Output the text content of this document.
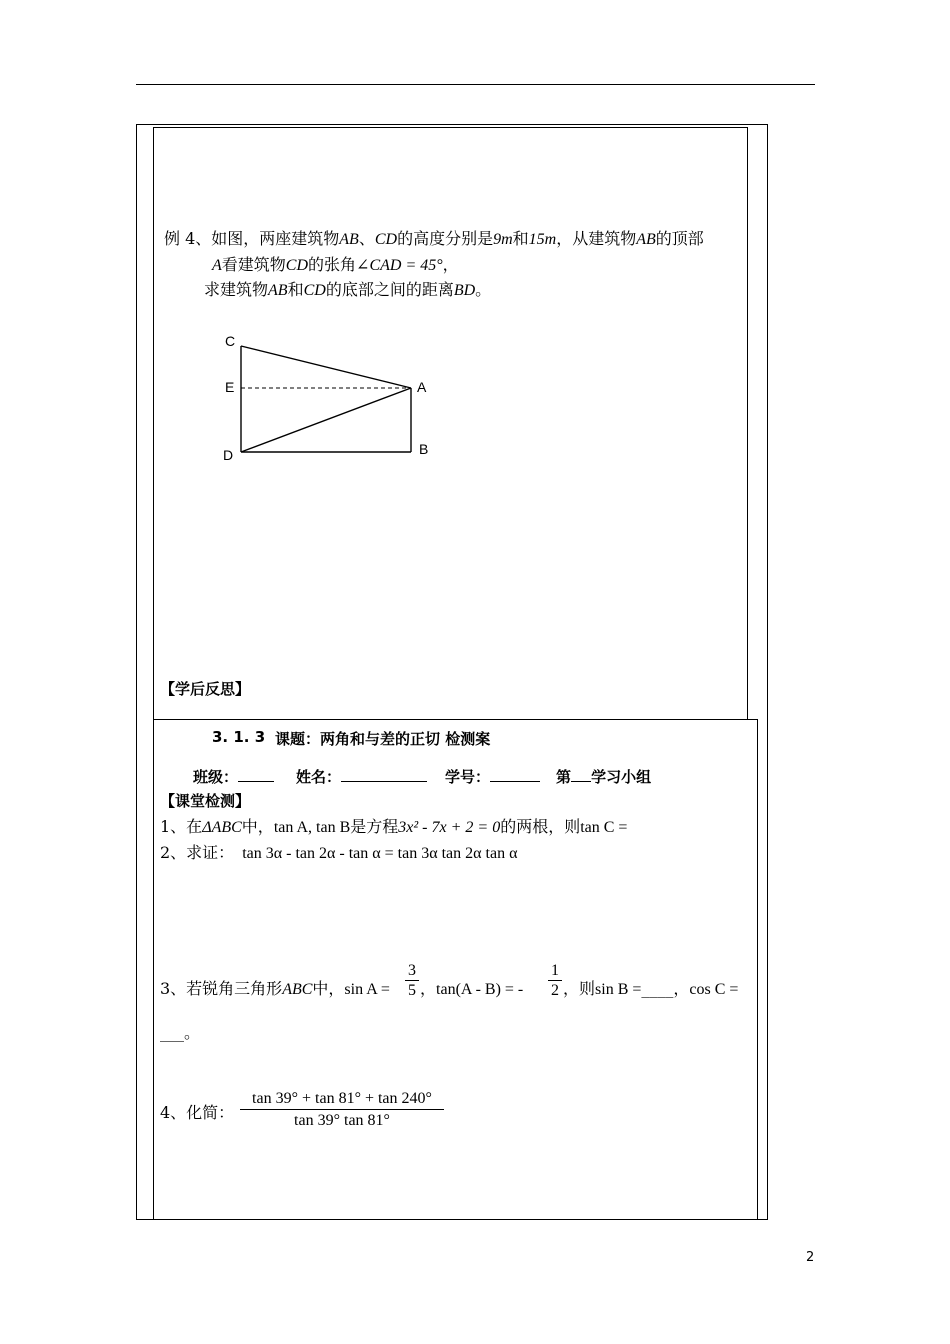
例 4、如图，两座建筑物AB、CD的高度分别是9m和15m，从建筑物AB的顶部
A看建筑物CD的张角∠CAD = 45°，
求建筑物AB和CD的底部之间的距离BD。
C
E	A
D	B
【学后反思】
3. 1. 3 课题：两角和与差的正切 检测案
班级：	姓名：	学号：	第 学习小组
【课堂检测】
1、在ΔABC中，tan A, tan B是方程3x² - 7x + 2 = 0的两根，则tan C =
2、求证： tan 3α - tan 2α - tan α = tan 3α tan 2α tan α
3、若锐角三角形ABC中，$\sin A = \frac{3}{5}$ ，tan(A - B) = - $\frac{1}{2}$ ，则sin B =____，cos C =
___。
4、化简： $\frac{\tan 39^\circ + \tan 81^\circ + \tan 240^\circ}{\tan 39^\circ \tan 81^\circ}$
2
